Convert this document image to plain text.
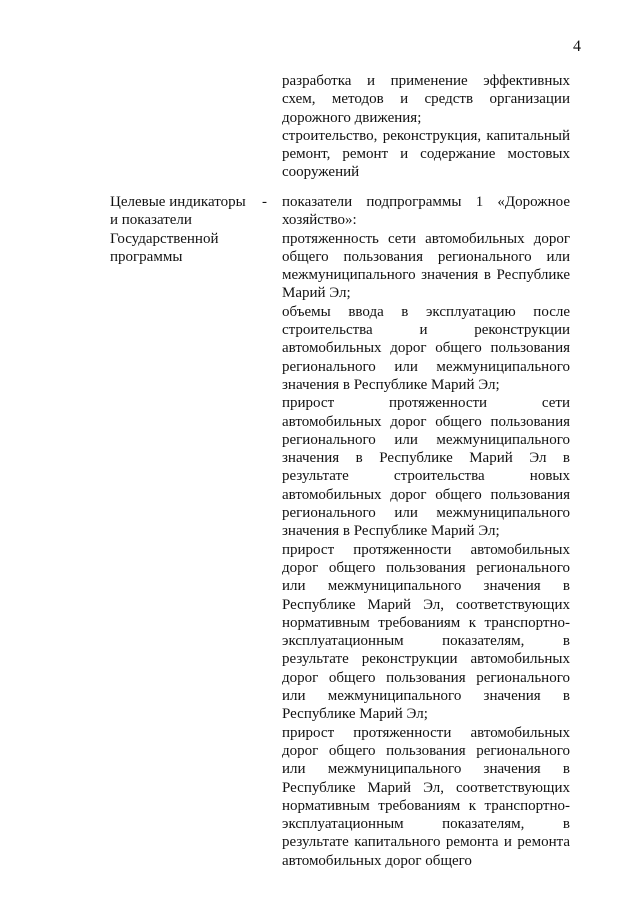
4

разработка и применение эффективных схем, методов и средств организации дорожного движения;

строительство, реконструкция, капитальный ремонт, ремонт и содержание мостовых сооружений

Целевые индикаторы и показатели Государственной программы
- показатели подпрограммы 1 «Дорожное хозяйство»:

протяженность сети автомобильных дорог общего пользования регионального или межмуниципального значения в Республике Марий Эл;

объемы ввода в эксплуатацию после строительства и реконструкции автомобильных дорог общего пользования регионального или межмуниципального значения в Республике Марий Эл;

прирост протяженности сети автомобильных дорог общего пользования регионального или межмуниципального значения в Республике Марий Эл в результате строительства новых автомобильных дорог общего пользования регионального или межмуниципального значения в Республике Марий Эл;

прирост протяженности автомобильных дорог общего пользования регионального или межмуниципального значения в Республике Марий Эл, соответствующих нормативным требованиям к транспортно-эксплуатационным показателям, в результате реконструкции автомобильных дорог общего пользования регионального или межмуниципального значения в Республике Марий Эл;

прирост протяженности автомобильных дорог общего пользования регионального или межмуниципального значения в Республике Марий Эл, соответствующих нормативным требованиям к транспортно-эксплуатационным показателям, в результате капитального ремонта и ремонта автомобильных дорог общего
